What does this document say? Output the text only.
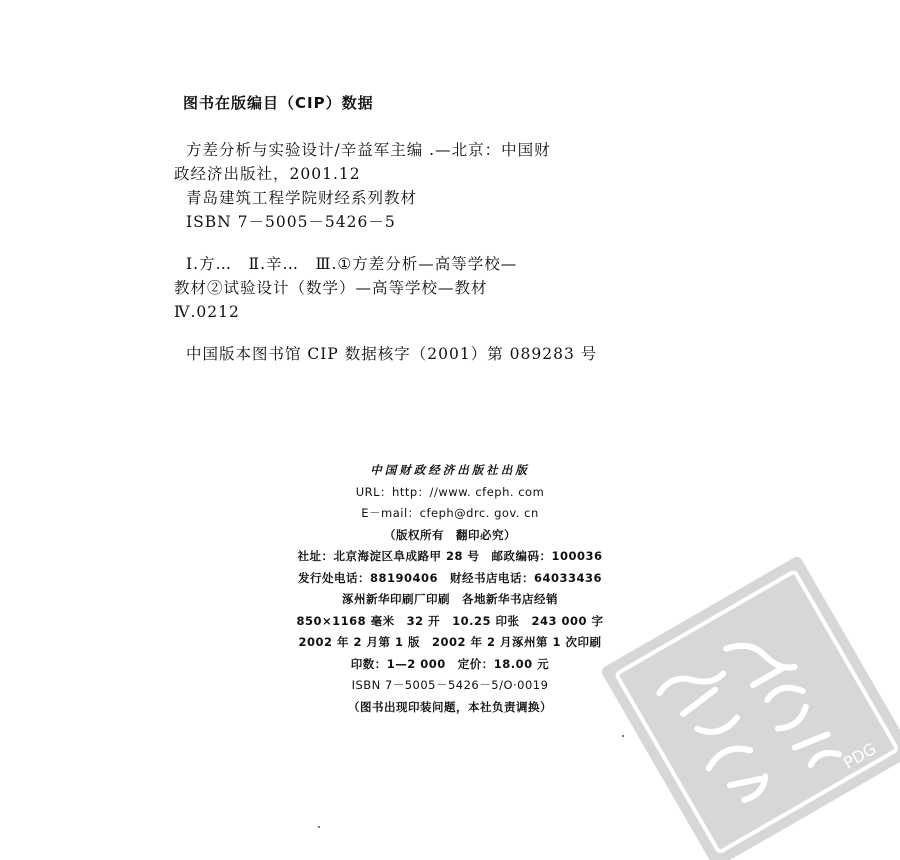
图书在版编目（CIP）数据
方差分析与实验设计/辛益军主编 .—北京：中国财
政经济出版社，2001.12
青岛建筑工程学院财经系列教材
ISBN 7－5005－5426－5
Ⅰ.方…　Ⅱ.辛…　Ⅲ.①方差分析—高等学校—
教材②试验设计（数学）—高等学校—教材
Ⅳ.0212
中国版本图书馆 CIP 数据核字（2001）第 089283 号
中国财政经济出版社出版
URL：http：//www. cfeph. com
E－mail：cfeph@drc. gov. cn
（版权所有　翻印必究）
社址：北京海淀区阜成路甲 28 号　邮政编码：100036
发行处电话：88190406　财经书店电话：64033436
涿州新华印刷厂印刷　各地新华书店经销
850×1168 毫米　32 开　10.25 印张　243 000 字
2002 年 2 月第 1 版　2002 年 2 月涿州第 1 次印刷
印数：1—2 000　定价：18.00 元
ISBN 7－5005－5426－5/O·0019
（图书出现印装问题，本社负责调换）
PDG
